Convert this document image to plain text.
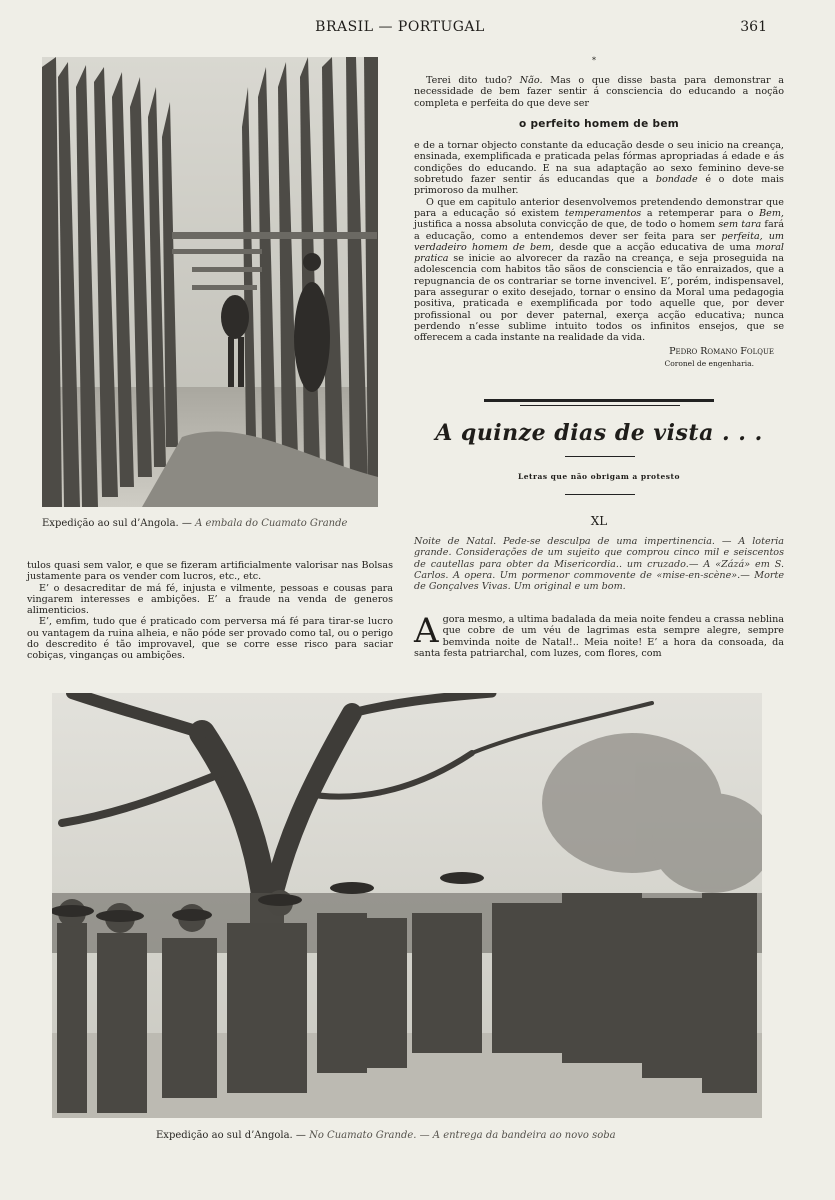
BRASIL — PORTUGAL	361
*
Expedição ao sul d’Angola. — A embala do Cuamato Grande

tulos quasi sem valor, e que se fizeram artificialmente valorisar nas Bolsas justamente para os vender com lucros, etc., etc.

E’ o desacreditar de má fé, injusta e vilmente, pessoas e cousas para vingarem interesses e ambições. E’ a fraude na venda de generos alimenticios.

E’, emfim, tudo que é praticado com perversa má fé para tirar-se lucro ou vantagem da ruina alheia, e não póde ser provado como tal, ou o perigo do descredito é tão improvavel, que se corre esse risco para saciar cobiças, vinganças ou ambições.

Terei dito tudo? Não. Mas o que disse basta para demonstrar a necessidade de bem fazer sentir á consciencia do educando a noção completa e perfeita do que deve ser

o perfeito homem de bem

e de a tornar objecto constante da educação desde o seu inicio na creança, ensinada, exemplificada e praticada pelas fórmas apropriadas á edade e ás condições do educando. E na sua adaptação ao sexo feminino deve-se sobretudo fazer sentir ás educandas que a bondade é o dote mais primoroso da mulher.

O que em capitulo anterior desenvolvemos pretendendo demonstrar que para a educação só existem temperamentos a retemperar para o Bem, justifica a nossa absoluta convicção de que, de todo o homem sem tara fará a educação, como a entendemos dever ser feita para ser perfeita, um verdadeiro homem de bem, desde que a acção educativa de uma moral pratica se inicie ao alvorecer da razão na creança, e seja proseguida na adolescencia com habitos tão sãos de consciencia e tão enraizados, que a repugnancia de os contrariar se torne invencivel. E’, porém, indispensavel, para assegurar o exito desejado, tornar o ensino da Moral uma pedagogia positiva, praticada e exemplificada por todo aquelle que, por dever profissional ou por dever paternal, exerça acção educativa; nunca perdendo n’esse sublime intuito todos os infinitos ensejos, que se offerecem a cada instante na realidade da vida.

Pedro Romano Folque
Coronel de engenharia.
A quinze dias de vista . . .
Letras que não obrigam a protesto
XL
Noite de Natal. Pede-se desculpa de uma impertinencia. — A loteria grande. Considerações de um sujeito que comprou cinco mil e seiscentos de cautellas para obter da Misericordia.. um cruzado.— A «Zázá» em S. Carlos. A opera. Um pormenor commovente de «mise-en-scène».— Morte de Gonçalves Vivas. Um original e um bom.
A gora mesmo, a ultima badalada da meia noite fendeu a crassa neblina que cobre de um véu de lagrimas esta sempre alegre, sempre bemvinda noite de Natal!.. Meia noite! E’ a hora da consoada, da santa festa patriarchal, com luzes, com flores, com
Expedição ao sul d’Angola. — No Cuamato Grande. — A entrega da bandeira ao novo soba
